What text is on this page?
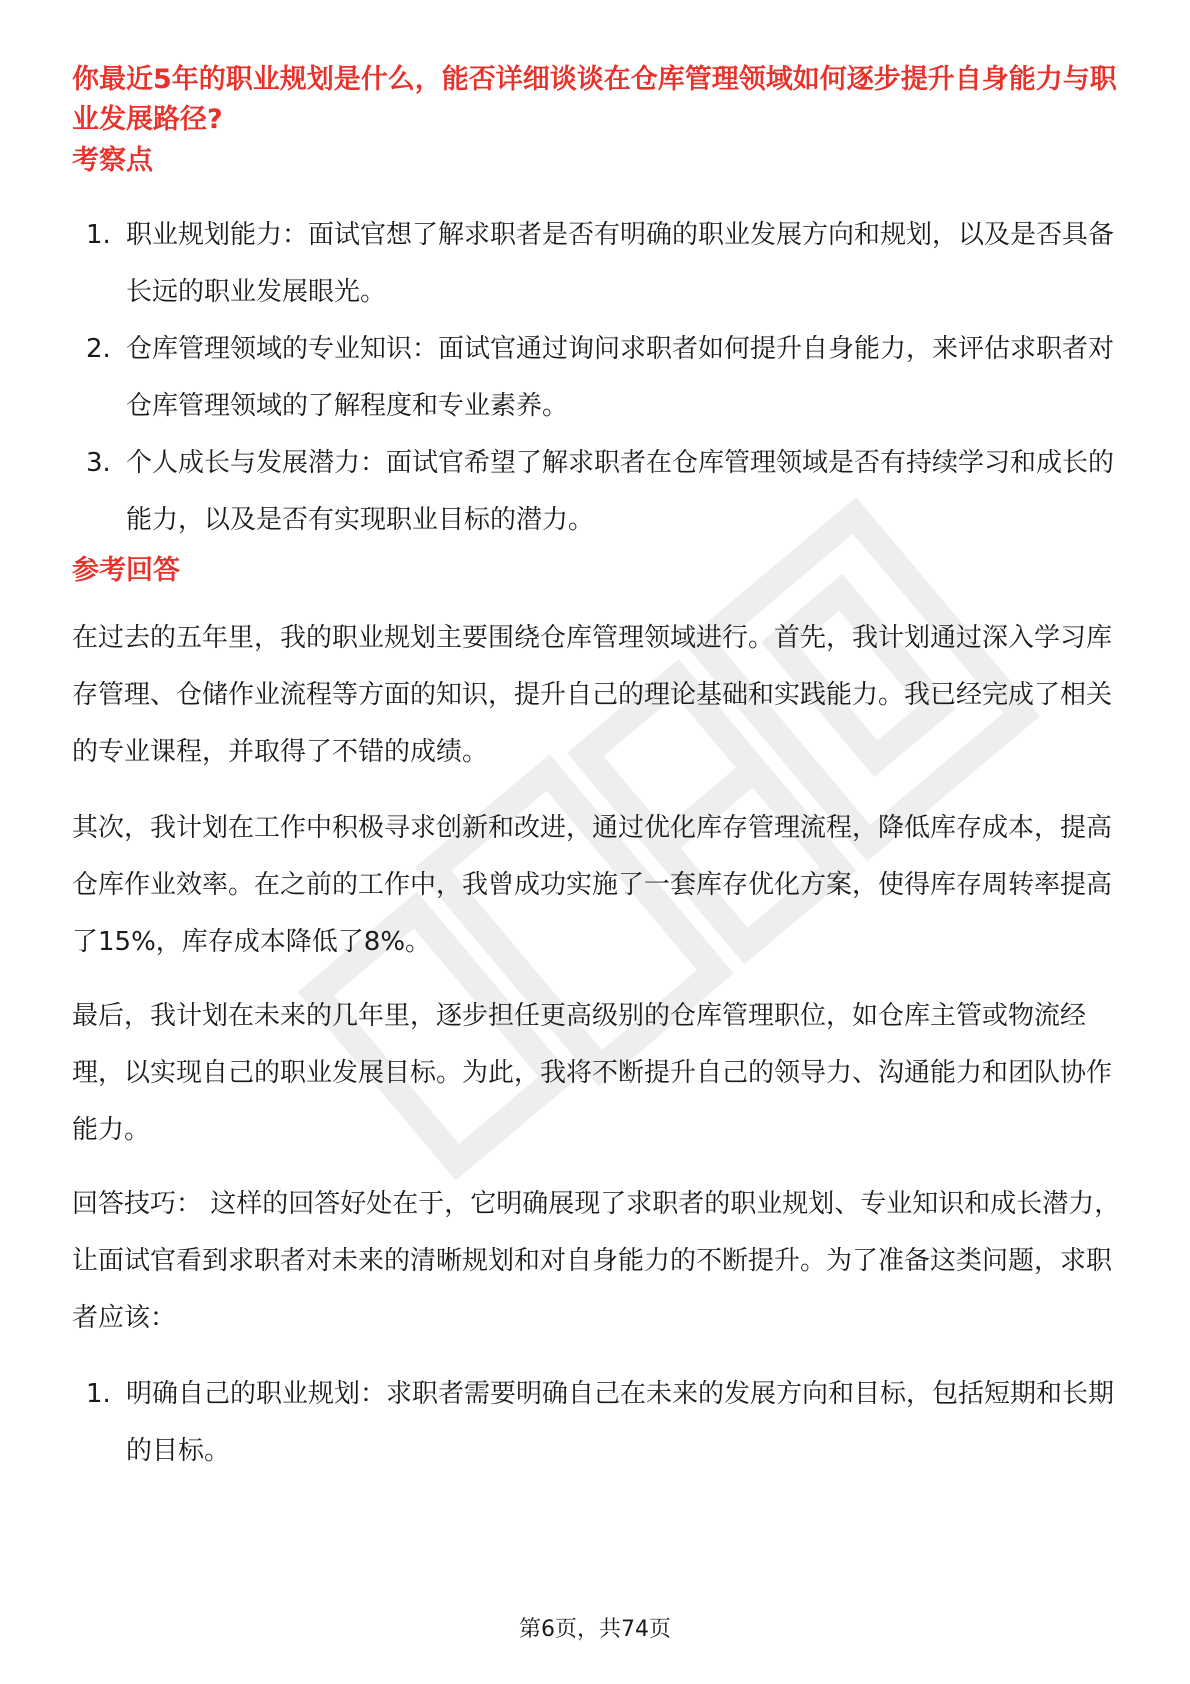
你最近5年的职业规划是什么，能否详细谈谈在仓库管理领域如何逐步提升自身能力与职业发展路径?
考察点
1. 职业规划能力：面试官想了解求职者是否有明确的职业发展方向和规划，以及是否具备长远的职业发展眼光。
2. 仓库管理领域的专业知识：面试官通过询问求职者如何提升自身能力，来评估求职者对仓库管理领域的了解程度和专业素养。
3. 个人成长与发展潜力：面试官希望了解求职者在仓库管理领域是否有持续学习和成长的能力，以及是否有实现职业目标的潜力。
参考回答

在过去的五年里，我的职业规划主要围绕仓库管理领域进行。首先，我计划通过深入学习库存管理、仓储作业流程等方面的知识，提升自己的理论基础和实践能力。我已经完成了相关的专业课程，并取得了不错的成绩。

其次，我计划在工作中积极寻求创新和改进，通过优化库存管理流程，降低库存成本，提高仓库作业效率。在之前的工作中，我曾成功实施了一套库存优化方案，使得库存周转率提高了15%，库存成本降低了8%。

最后，我计划在未来的几年里，逐步担任更高级别的仓库管理职位，如仓库主管或物流经理，以实现自己的职业发展目标。为此，我将不断提升自己的领导力、沟通能力和团队协作能力。

回答技巧： 这样的回答好处在于，它明确展现了求职者的职业规划、专业知识和成长潜力，让面试官看到求职者对未来的清晰规划和对自身能力的不断提升。为了准备这类问题，求职者应该：

1. 明确自己的职业规划：求职者需要明确自己在未来的发展方向和目标，包括短期和长期的目标。
第6页，共74页
